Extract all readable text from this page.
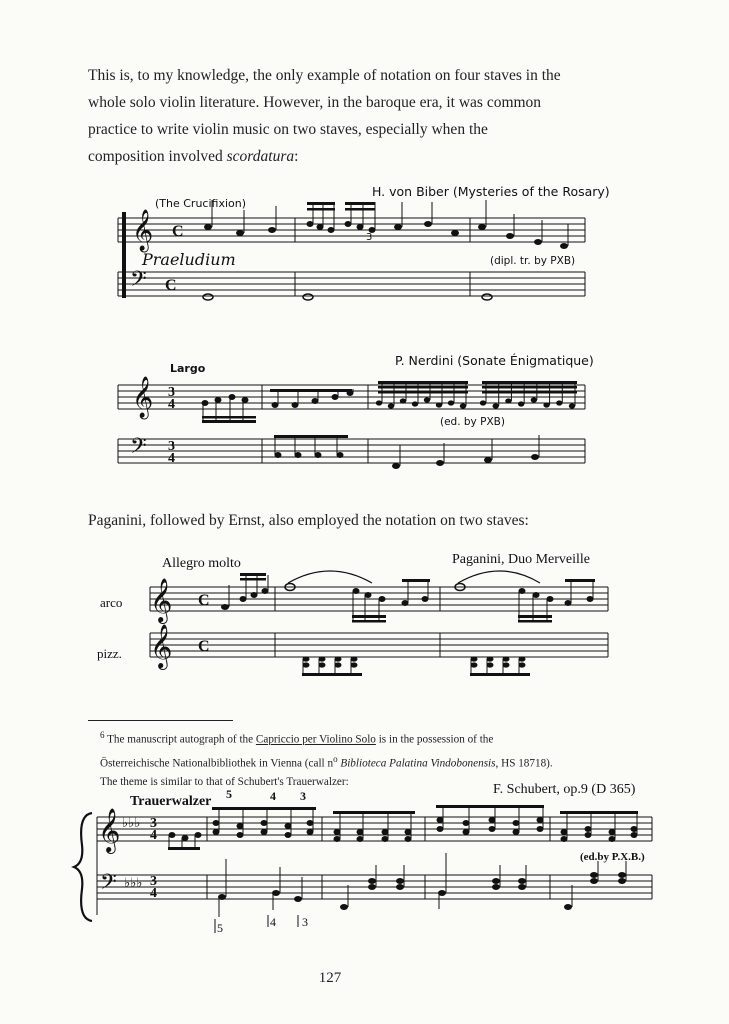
This is, to my knowledge, the only example of notation on four staves in the
whole solo violin literature. However, in the baroque era, it was common
practice to write violin music on two staves, especially when the
composition involved scordatura:

(The Crucifixion)
H. von Biber (Mysteries of the Rosary)
𝄞 C	3
Praeludium	(dipl. tr. by PXB)
𝄢 C
Largo
P. Nerdini (Sonate Énigmatique)
𝄞 3
4
(ed. by PXB)
𝄢 3
4

Paganini, followed by Ernst, also employed the notation on two staves:

Allegro molto	Paganini, Duo Merveille
arco
pizz.
𝄞 C
𝄞 C

$^6$ The manuscript autograph of the Capriccio per Violino Solo is in the possession of the
Österreichische Nationalbibliothek in Vienna (call $n^o$ Biblioteca Palatina Vindobonensis, HS 18718).
The theme is similar to that of Schubert's Trauerwalzer:

Trauerwalzer
F. Schubert, op.9 (D 365)
5	4 3
𝄞 ♭♭♭ 3
4
(ed.by P.X.B.)
𝄢 ♭♭♭ 3
4
5	4 3
127
